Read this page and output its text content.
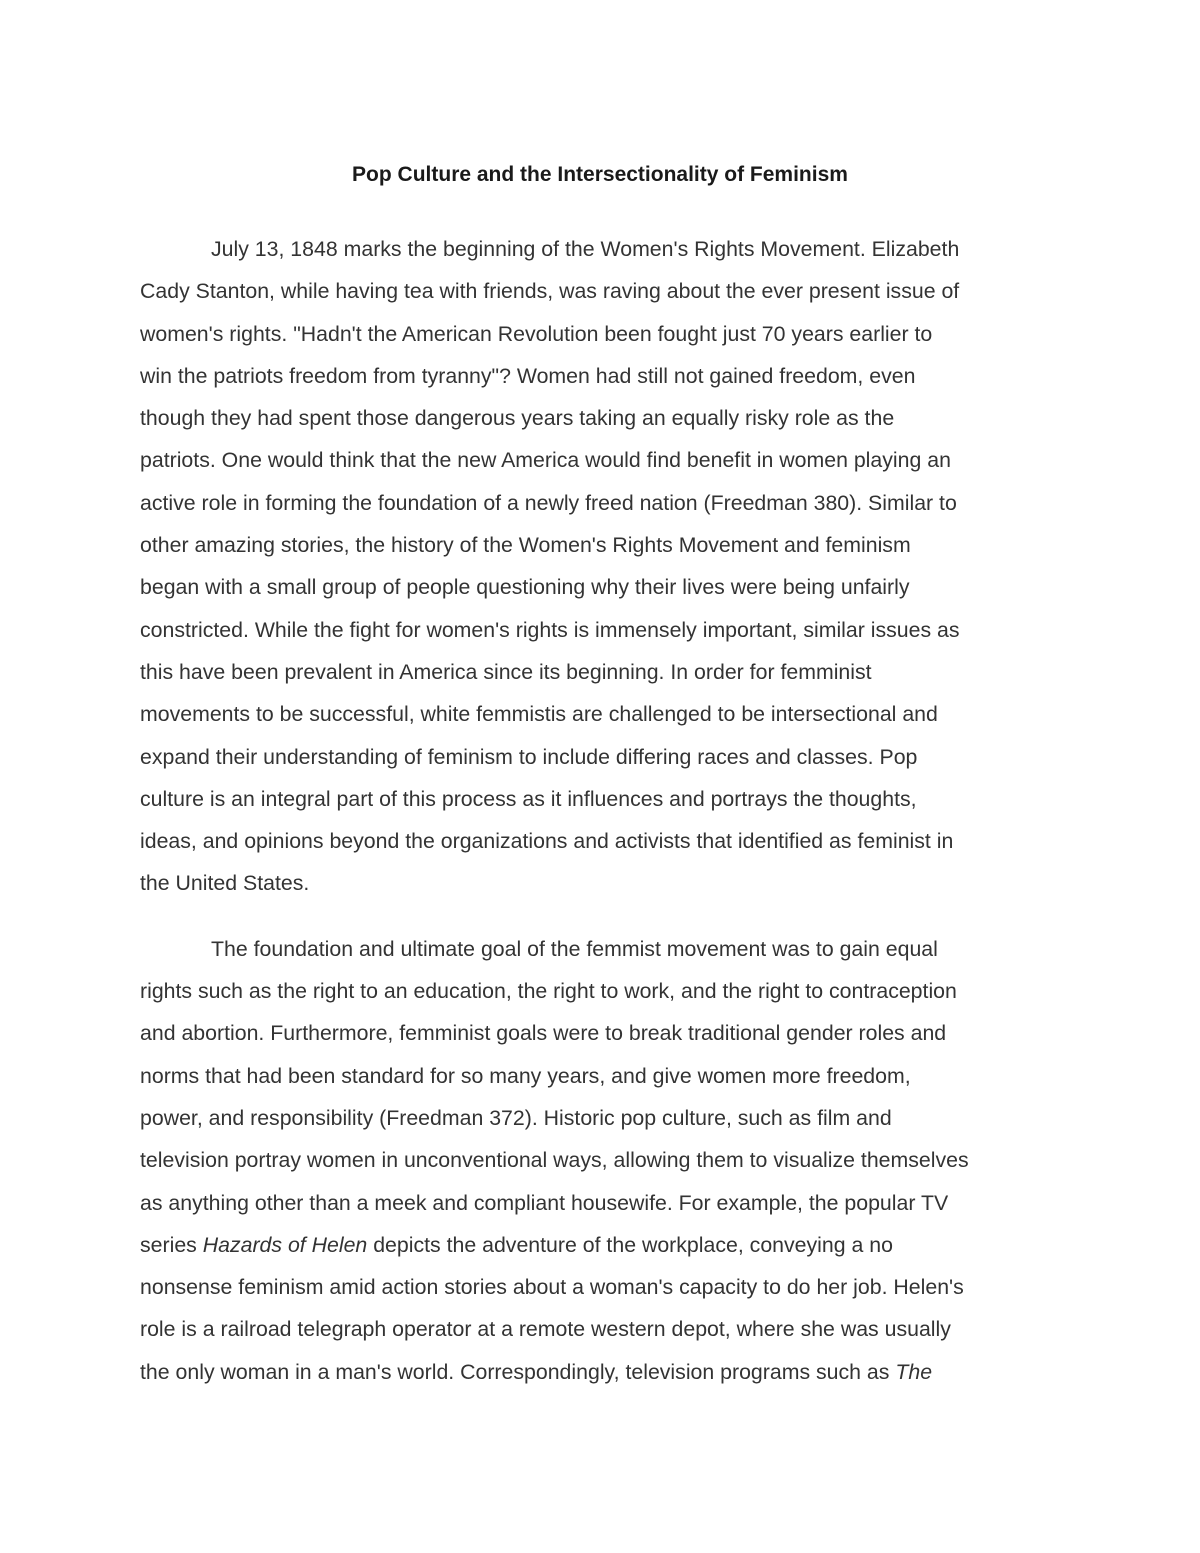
Pop Culture and the Intersectionality of Feminism
July 13, 1848 marks the beginning of the Women's Rights Movement. Elizabeth
Cady Stanton, while having tea with friends, was raving about the ever present issue of
women's rights. "Hadn't the American Revolution been fought just 70 years earlier to
win the patriots freedom from tyranny"? Women had still not gained freedom, even
though they had spent those dangerous years taking an equally risky role as the
patriots. One would think that the new America would find benefit in women playing an
active role in forming the foundation of a newly freed nation (Freedman 380). Similar to
other amazing stories, the history of the Women's Rights Movement and feminism
began with a small group of people questioning why their lives were being unfairly
constricted. While the fight for women's rights is immensely important, similar issues as
this have been prevalent in America since its beginning. In order for femminist
movements to be successful, white femmistis are challenged to be intersectional and
expand their understanding of feminism to include differing races and classes. Pop
culture is an integral part of this process as it influences and portrays the thoughts,
ideas, and opinions beyond the organizations and activists that identified as feminist in
the United States.
The foundation and ultimate goal of the femmist movement was to gain equal
rights such as the right to an education, the right to work, and the right to contraception
and abortion. Furthermore, femminist goals were to break traditional gender roles and
norms that had been standard for so many years, and give women more freedom,
power, and responsibility (Freedman 372). Historic pop culture, such as film and
television portray women in unconventional ways, allowing them to visualize themselves
as anything other than a meek and compliant housewife. For example, the popular TV
series Hazards of Helen depicts the adventure of the workplace, conveying a no
nonsense feminism amid action stories about a woman's capacity to do her job. Helen's
role is a railroad telegraph operator at a remote western depot, where she was usually
the only woman in a man's world. Correspondingly, television programs such as The
